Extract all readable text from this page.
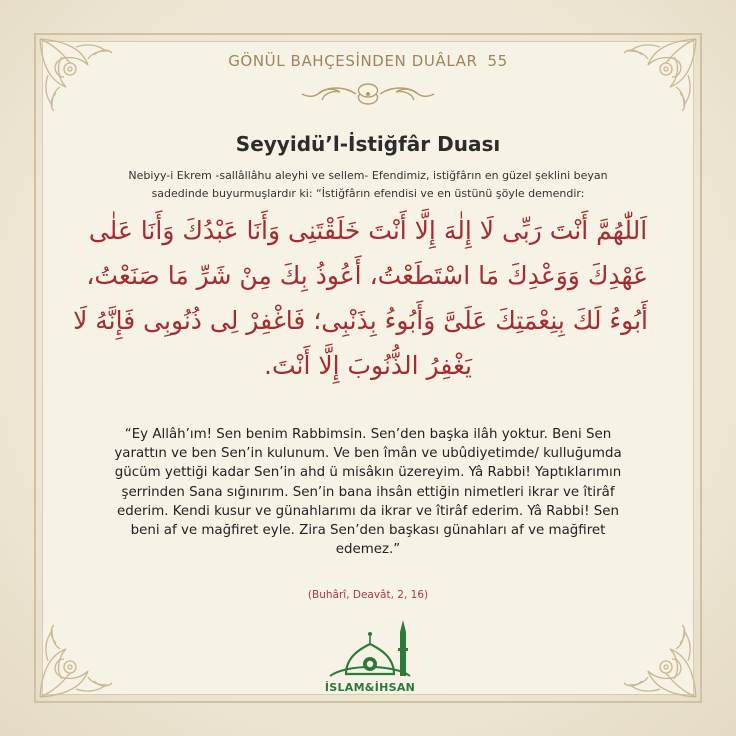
GÖNÜL BAHÇESİNDEN DUÂLAR 55
Seyyidü’l-İstiğfâr Duası
Nebiyy-i Ekrem -sallâllâhu aleyhi ve sellem- Efendimiz, istiğfârın en güzel şeklini beyan sadedinde buyurmuşlardır ki: “İstiğfârın efendisi ve en üstünü şöyle demendir:
اَللّٰهُمَّ أَنْتَ رَبِّى لَا إِلٰهَ إِلَّا أَنْتَ خَلَقْتَنِى وَأَنَا عَبْدُكَ وَأَنَا عَلٰى
عَهْدِكَ وَوَعْدِكَ مَا اسْتَطَعْتُ، أَعُوذُ بِكَ مِنْ شَرِّ مَا صَنَعْتُ،
أَبُوءُ لَكَ بِنِعْمَتِكَ عَلَىَّ وَأَبُوءُ بِذَنْبِى؛ فَاغْفِرْ لِى ذُنُوبِى فَإِنَّهُ لَا
يَغْفِرُ الذُّنُوبَ إِلَّا أَنْتَ.
“Ey Allâh’ım! Sen benim Rabbimsin. Sen’den başka ilâh yoktur. Beni Sen yarattın ve ben Sen’in kulunum. Ve ben îmân ve ubûdiyetimde/ kulluğumda gücüm yettiği kadar Sen’in ahd ü misâkın üzereyim. Yâ Rabbi! Yaptıklarımın şerrinden Sana sığınırım. Sen’in bana ihsân ettiğin nimetleri ikrar ve îtirâf ederim. Kendi kusur ve günahlarımı da ikrar ve îtirâf ederim. Yâ Rabbi! Sen beni af ve mağfiret eyle. Zira Sen’den başkası günahları af ve mağfiret edemez.”
(Buhârî, Deavât, 2, 16)
İSLAM&İHSAN
